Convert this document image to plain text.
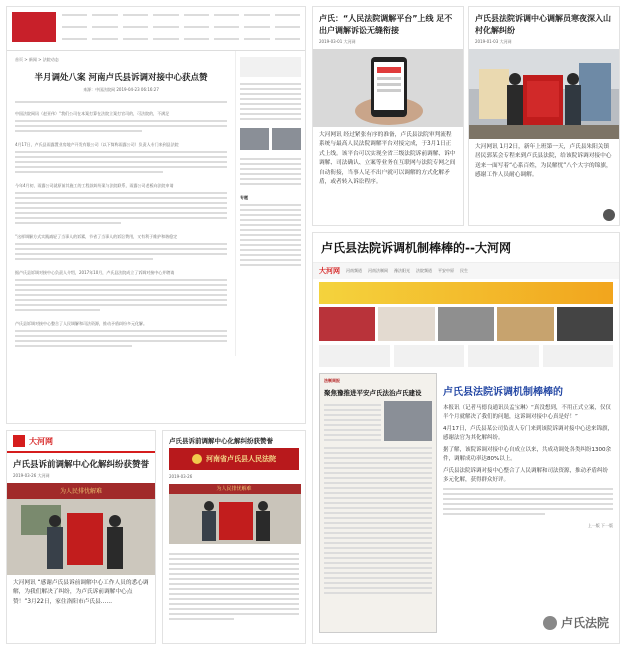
首页 > 新闻 > 法院动态
半月调处八案 河南卢氏县诉调对接中心获点赞
来源：中国法院网 2019-04-23 06:16:27
中国法院网讯（赵亚伟）“我们公司在本案打算在法院立案打官司的，可法院的，不满足
4月17日，卢氏县雨露置业房地产开发有限公司（以下简称雨露公司）负责人专门来到县法院
今年4月初，雨露公司就原前其施工的工程款纠纷案与法院联系，雨露公司老板向法院申请
“这样调解方式实践减轻了当事人的诉累，节省了当事人的诉讼费用，又有利于维护和谐稳定
据卢氏县诉调对接中心负责人介绍，2017年10月，卢氏县法院成立了诉调对接中心并聘请
卢氏县诉调对接中心整合了人民调解和司法资源，推动矛盾纠纷多元化解。
专题
卢氏：“人民法院调解平台”上线 足不出户调解诉讼无缝衔接
2019-03-01 大河网
大河网讯 经过紧张有序的准备，卢氏县法院审判流程系统与最高人民法院调解平台对接完成，于3月1日正式上线。该平台可以实现全省三级法院诉前调解、诉中调解、司法确认、立案等业务在互联网与法院专网之间自动衔接，当事人足不出户就可以调解的方式化解矛盾，或者转入诉讼程序。
卢氏县法院诉调中心调解员寒夜深入山村化解纠纷
2019-01-03 大河网
大河网讯 1月2日，新年上班第一天，卢氏县朱阳关镇居民郭某会专程来到卢氏县法院，给该院诉调对接中心送来一面写着“心系百姓，为民解忧”八个大字的锦旗，感谢工作人员耐心调解。
卢氏县法院诉调机制棒棒的--大河网
大河网 河南频道 河南法制网 豫法阳光 法院频道 平安中原 民生
法制周报
聚焦豫推进平安卢氏法治卢氏建设	卢氏县法院诉调机制棒棒的
本报讯（记者马德良通讯员孟宝琳）“真没想到，不用正式立案，仅仅半个月就解决了我们的问题，这诉调对接中心真是好！”
4月17日，卢氏县某公司负责人专门来到该院诉调对接中心送来锦旗，感谢法官为其化解纠纷。
据了解，该院诉调对接中心自成立以来，共成功调处各类纠纷1300余件，调解成功率达80%以上。
卢氏县法院诉调对接中心整合了人民调解和司法资源，推动矛盾纠纷多元化解，获得群众好评。
上一版 下一版
卢氏法院
大河网
卢氏县诉前调解中心化解纠纷获赞誉
2019-03-26 大河网
为人民排忧解难
大河网讯 “感谢卢氏县诉前调解中心工作人员的悉心调解，为我们解决了纠纷，为卢氏诉前调解中心点赞！”3月22日，家住洛阳市卢氏县……
卢氏县诉前调解中心化解纠纷获赞誉
河南省卢氏县人民法院
2019-03-26
为人民排忧解难
